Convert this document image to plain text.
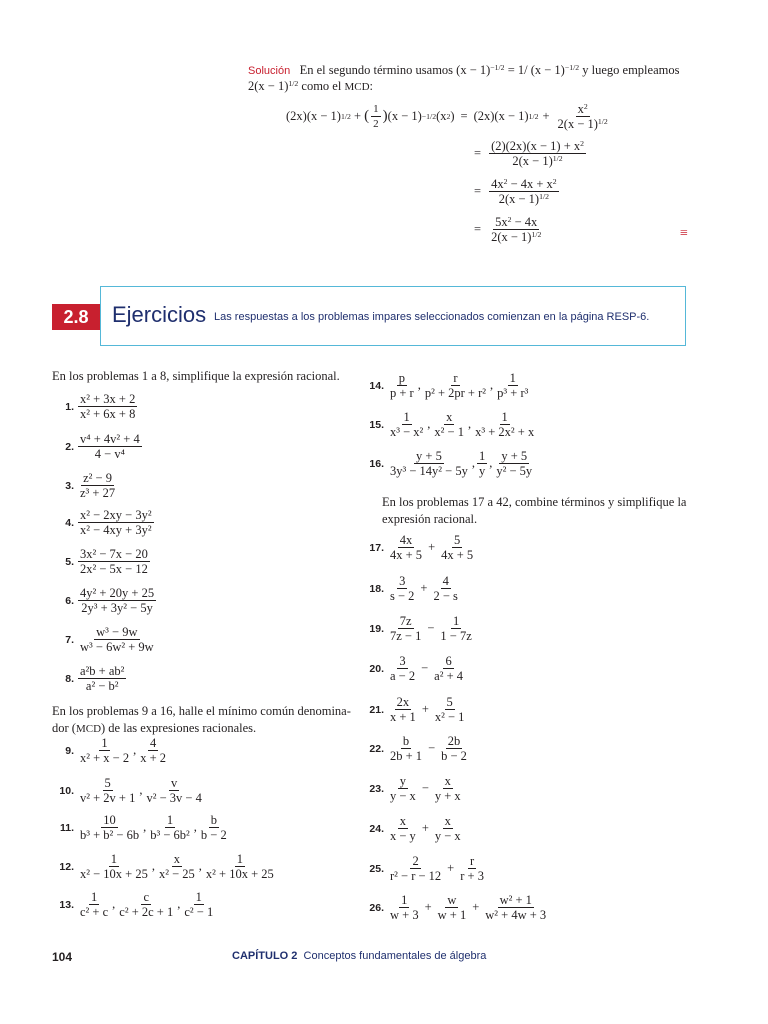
Solución En el segundo término usamos $(x - 1)^{-1/2} = 1/$ $(x - 1)^{-1/2}$ y luego empleamos
$2(x - 1)^{1/2}$ como el MCD:
(2x)(x − 1) 1/2 + ( $\frac{1}{2}$ ) (x − 1) −1/2 (x 2 ) = (2x)(x − 1) $1/2 + \frac{x^2}{2(x - 1)^{1/2}}$
= $\frac{(2)(2x)(x - 1) + x^2}{2(x - 1)^{1/2}}$
= $\frac{4x^2 - 4x + x^2}{2(x - 1)^{1/2}}$
= $\frac{5x^2 - 4x}{2(x - 1)^{1/2}}$	≡
2.8	Ejercicios Las respuestas a los problemas impares seleccionados comienzan en la página RESP-6.
En los problemas 1 a 8, simplifique la expresión racional.
1. $\frac{\text{x² + 3x + 2}}{\text{x² + 6x + 8}}$
2. $\frac{\text{v⁴ + 4v² + 4}}{\text{4 − v⁴}}$
3. $\frac{\text{z² − 9}}{\text{z³ + 27}}$
4. $\frac{\text{x² − 2xy − 3y²}}{\text{x² − 4xy + 3y²}}$
5. $\frac{\text{3x² − 7x − 20}}{\text{2x² − 5x − 12}}$
6. $\frac{\text{4y² + 20y + 25}}{\text{2y³ + 3y² − 5y}}$
7. $\frac{\text{w³ − 9w}}{\text{w³ − 6w² + 9w}}$
8. $\frac{\text{a²b + ab²}}{\text{a² − b²}}$
En los problemas 9 a 16, halle el mínimo común denomina-
dor (MCD) de las expresiones racionales.
9. $\frac{1}{\text{x² + x − 2}}$ , $\frac{4}{x + 2}$
10. $\frac{5}{\text{v² + 2v + 1}}$ , $\frac{v}{\text{v² − 3v − 4}}$
11. $\frac{10}{\text{b³ + b² − 6b}}$ , $\frac{1}{\text{b³ − 6b²}}$ , $\frac{b}{b - 2}$
12. $\frac{1}{\text{x² − 10x + 25}}$ , $\frac{x}{\text{x² − 25}}$ , $\frac{1}{\text{x² + 10x + 25}}$
13. $\frac{1}{\text{c² + c}}$ , $\frac{c}{\text{c² + 2c + 1}}$ , $\frac{1}{\text{c² − 1}}$
14. $\frac{p}{p + r}$ , $\frac{r}{\text{p² + 2pr + r²}}$ , $\frac{1}{\text{p³ + r³}}$
15. $\frac{1}{\text{x³ − x²}}$ , $\frac{x}{\text{x² − 1}}$ , $\frac{1}{\text{x³ + 2x² + x}}$
16. $\frac{y + 5}{\text{3y³ − 14y² − 5y}}$ , $\frac{1}{y}$ , $\frac{y + 5}{\text{y² − 5y}}$
En los problemas 17 a 42, combine términos y simplifique la
expresión racional.
17. $\frac{4x}{4x + 5} + \frac{5}{4x + 5}$
18. $\frac{3}{s - 2} + \frac{4}{2 - s}$
19. $\frac{7z}{7z - 1} - \frac{1}{1 - 7z}$
20. $\frac{3}{a - 2} - \frac{6}{\text{a² + 4}}$
21. $\frac{2x}{x + 1} + \frac{5}{\text{x² − 1}}$
22. $\frac{b}{2b + 1} - \frac{2b}{b - 2}$
23. $\frac{y}{y - x} - \frac{x}{y + x}$
24. $\frac{x}{x - y} + \frac{x}{y - x}$
25. $\frac{2}{\text{r² − r − 12}} + \frac{r}{r + 3}$
26. $\frac{1}{w + 3} + \frac{w}{w + 1} + \frac{\text{w² + 1}}{\text{w² + 4w + 3}}$
104	CAPÍTULO 2 Conceptos fundamentales de álgebra
